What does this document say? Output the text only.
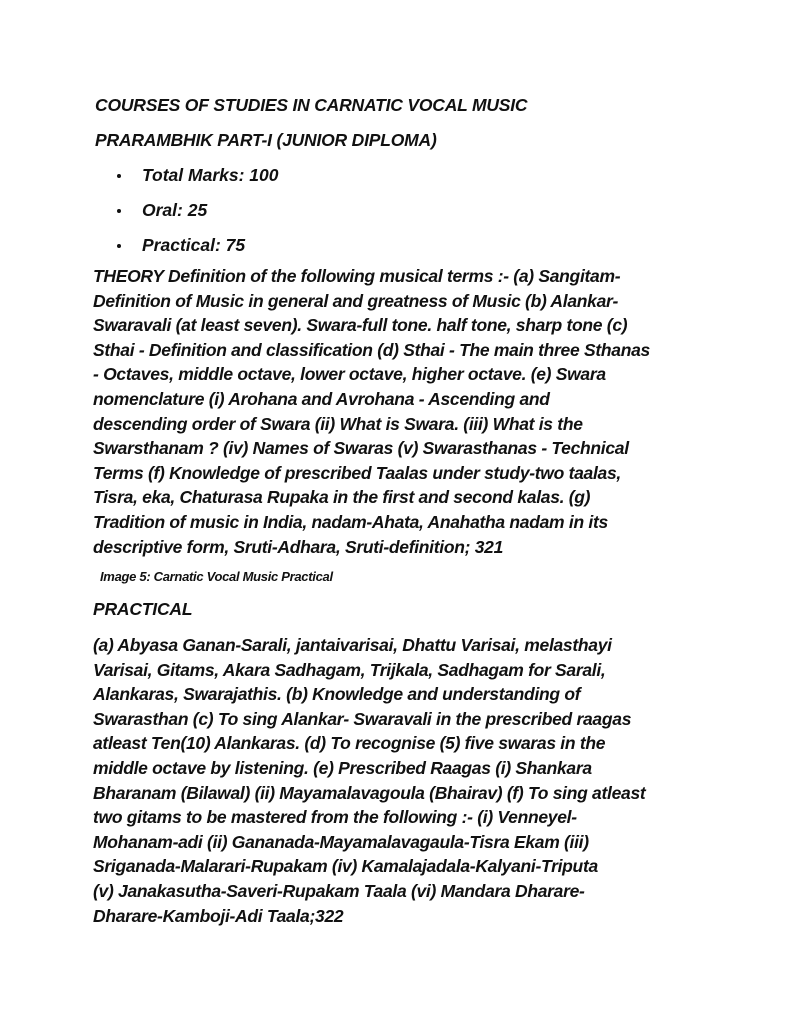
COURSES OF STUDIES IN CARNATIC VOCAL MUSIC
PRARAMBHIK PART-I (JUNIOR DIPLOMA)
Total Marks: 100
Oral: 25
Practical: 75
THEORY Definition of the following musical terms :- (a) Sangitam-
Definition of Music in general and greatness of Music (b) Alankar-
Swaravali (at least seven). Swara-full tone. half tone, sharp tone (c)
Sthai - Definition and classification (d) Sthai - The main three Sthanas
- Octaves, middle octave, lower octave, higher octave. (e) Swara
nomenclature (i) Arohana and Avrohana - Ascending and
descending order of Swara (ii) What is Swara. (iii) What is the
Swarsthanam ? (iv) Names of Swaras (v) Swarasthanas - Technical
Terms (f) Knowledge of prescribed Taalas under study-two taalas,
Tisra, eka, Chaturasa Rupaka in the first and second kalas. (g)
Tradition of music in India, nadam-Ahata, Anahatha nadam in its
descriptive form, Sruti-Adhara, Sruti-definition; 321
Image 5: Carnatic Vocal Music Practical
PRACTICAL
(a) Abyasa Ganan-Sarali, jantaivarisai, Dhattu Varisai, melasthayi
Varisai, Gitams, Akara Sadhagam, Trijkala, Sadhagam for Sarali,
Alankaras, Swarajathis. (b) Knowledge and understanding of
Swarasthan (c) To sing Alankar- Swaravali in the prescribed raagas
atleast Ten(10) Alankaras. (d) To recognise (5) five swaras in the
middle octave by listening. (e) Prescribed Raagas (i) Shankara
Bharanam (Bilawal) (ii) Mayamalavagoula (Bhairav) (f) To sing atleast
two gitams to be mastered from the following :- (i) Venneyel-
Mohanam-adi (ii) Gananada-Mayamalavagaula-Tisra Ekam (iii)
Sriganada-Malarari-Rupakam (iv) Kamalajadala-Kalyani-Triputa
(v) Janakasutha-Saveri-Rupakam Taala (vi) Mandara Dharare-
Dharare-Kamboji-Adi Taala;322
